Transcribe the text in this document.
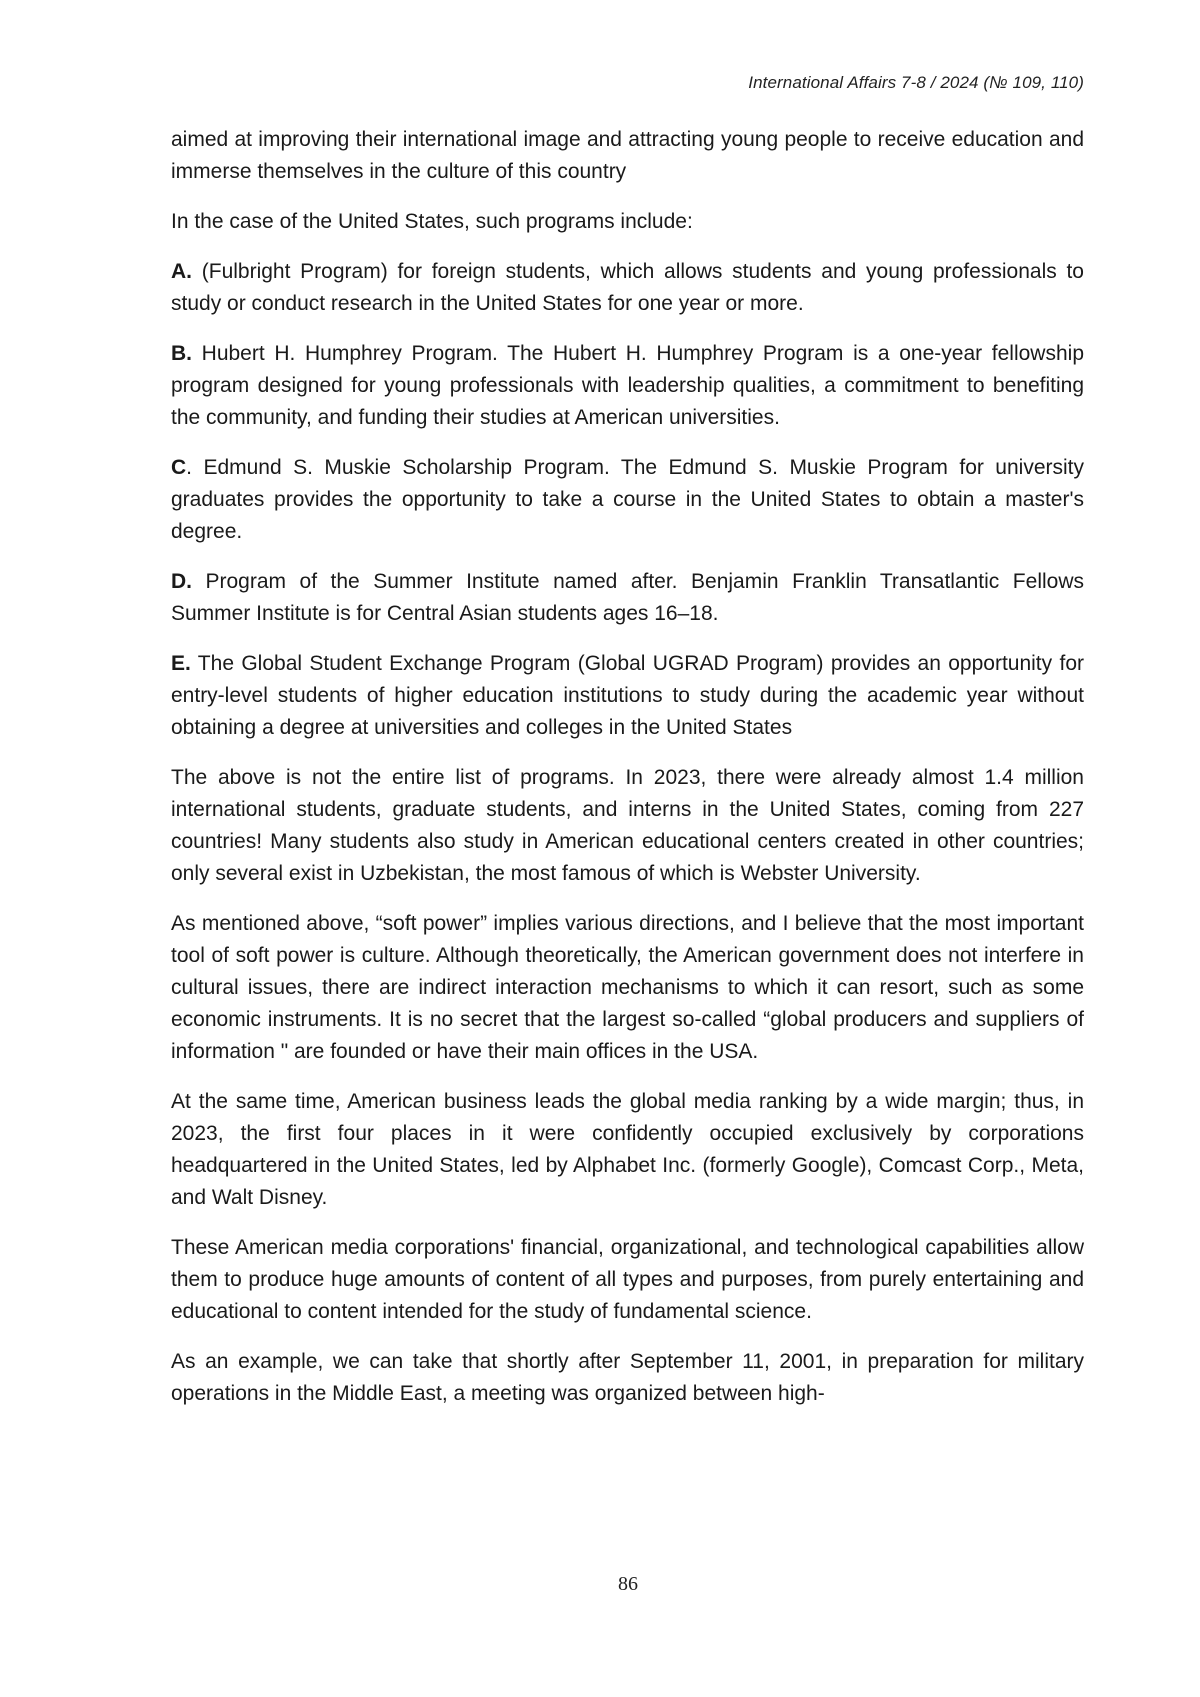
International Affairs 7-8 / 2024 (№ 109, 110)

aimed at improving their international image and attracting young people to receive education and immerse themselves in the culture of this country

In the case of the United States, such programs include:

A. (Fulbright Program) for foreign students, which allows students and young professionals to study or conduct research in the United States for one year or more.

B. Hubert H. Humphrey Program. The Hubert H. Humphrey Program is a one-year fellowship program designed for young professionals with leadership qualities, a commitment to benefiting the community, and funding their studies at American universities.

C. Edmund S. Muskie Scholarship Program. The Edmund S. Muskie Program for university graduates provides the opportunity to take a course in the United States to obtain a master's degree.

D. Program of the Summer Institute named after. Benjamin Franklin Transatlantic Fellows Summer Institute is for Central Asian students ages 16–18.

E. The Global Student Exchange Program (Global UGRAD Program) provides an opportunity for entry-level students of higher education institutions to study during the academic year without obtaining a degree at universities and colleges in the United States

The above is not the entire list of programs. In 2023, there were already almost 1.4 million international students, graduate students, and interns in the United States, coming from 227 countries! Many students also study in American educational centers created in other countries; only several exist in Uzbekistan, the most famous of which is Webster University.

As mentioned above, “soft power” implies various directions, and I believe that the most important tool of soft power is culture. Although theoretically, the American government does not interfere in cultural issues, there are indirect interaction mechanisms to which it can resort, such as some economic instruments. It is no secret that the largest so-called “global producers and suppliers of information " are founded or have their main offices in the USA.

At the same time, American business leads the global media ranking by a wide margin; thus, in 2023, the first four places in it were confidently occupied exclusively by corporations headquartered in the United States, led by Alphabet Inc. (formerly Google), Comcast Corp., Meta, and Walt Disney.

These American media corporations' financial, organizational, and technological capabilities allow them to produce huge amounts of content of all types and purposes, from purely entertaining and educational to content intended for the study of fundamental science.

As an example, we can take that shortly after September 11, 2001, in preparation for military operations in the Middle East, a meeting was organized between high-

86
